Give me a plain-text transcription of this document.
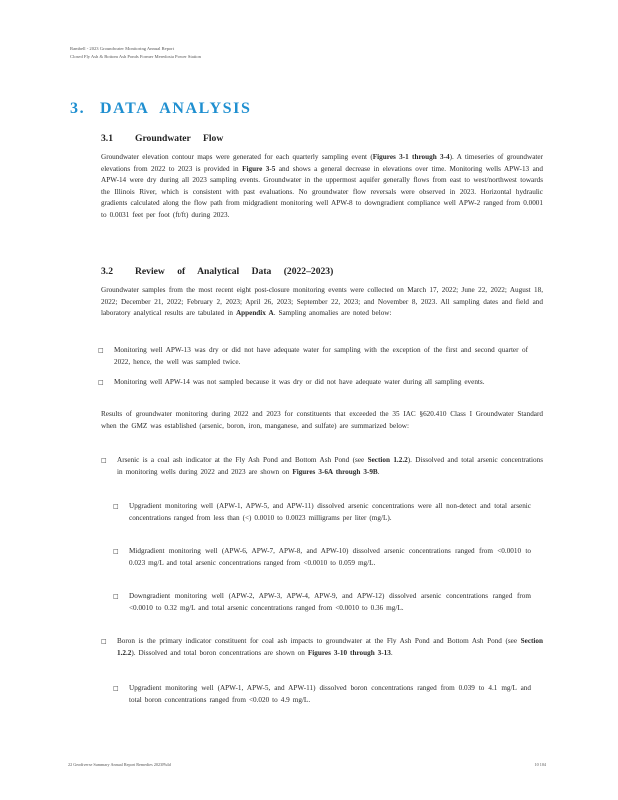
Rambell - 2023 Groundwater Monitoring Annual Report
Closed Fly Ash & Bottom Ash Ponds Former Meredosia Power Station
3. DATA ANALYSIS
3.1 Groundwater Flow
Groundwater elevation contour maps were generated for each quarterly sampling event (Figures 3-1 through 3-4). A timeseries of groundwater elevations from 2022 to 2023 is provided in Figure 3-5 and shows a general decrease in elevations over time. Monitoring wells APW-13 and APW-14 were dry during all 2023 sampling events. Groundwater in the uppermost aquifer generally flows from east to west/northwest towards the Illinois River, which is consistent with past evaluations. No groundwater flow reversals were observed in 2023. Horizontal hydraulic gradients calculated along the flow path from midgradient monitoring well APW-8 to downgradient compliance well APW-2 ranged from 0.0001 to 0.0031 feet per foot (ft/ft) during 2023.
3.2 Review of Analytical Data (2022–2023)
Groundwater samples from the most recent eight post-closure monitoring events were collected on March 17, 2022; June 22, 2022; August 18, 2022; December 21, 2022; February 2, 2023; April 26, 2023; September 22, 2023; and November 8, 2023. All sampling dates and field and laboratory analytical results are tabulated in Appendix A. Sampling anomalies are noted below:
□ Monitoring well APW-13 was dry or did not have adequate water for sampling with the exception of the first and second quarter of 2022, hence, the well was sampled twice.
□ Monitoring well APW-14 was not sampled because it was dry or did not have adequate water during all sampling events.
Results of groundwater monitoring during 2022 and 2023 for constituents that exceeded the 35 IAC §620.410 Class I Groundwater Standard when the GMZ was established (arsenic, boron, iron, manganese, and sulfate) are summarized below:
□ Arsenic is a coal ash indicator at the Fly Ash Pond and Bottom Ash Pond (see Section 1.2.2). Dissolved and total arsenic concentrations in monitoring wells during 2022 and 2023 are shown on Figures 3-6A through 3-9B.
□ Upgradient monitoring well (APW-1, APW-5, and APW-11) dissolved arsenic concentrations were all non-detect and total arsenic concentrations ranged from less than (<) 0.0010 to 0.0023 milligrams per liter (mg/L).
□ Midgradient monitoring well (APW-6, APW-7, APW-8, and APW-10) dissolved arsenic concentrations ranged from <0.0010 to 0.023 mg/L and total arsenic concentrations ranged from <0.0010 to 0.059 mg/L.
□ Downgradient monitoring well (APW-2, APW-3, APW-4, APW-9, and APW-12) dissolved arsenic concentrations ranged from <0.0010 to 0.32 mg/L and total arsenic concentrations ranged from <0.0010 to 0.36 mg/L.
□ Boron is the primary indicator constituent for coal ash impacts to groundwater at the Fly Ash Pond and Bottom Ash Pond (see Section 1.2.2). Dissolved and total boron concentrations are shown on Figures 3-10 through 3-13.
□ Upgradient monitoring well (APW-1, APW-5, and APW-11) dissolved boron concentrations ranged from 0.039 to 4.1 mg/L and total boron concentrations ranged from <0.020 to 4.9 mg/L.
22 Geodiverse Summary Annual Report Remedies 2023Ph4d	10 104
